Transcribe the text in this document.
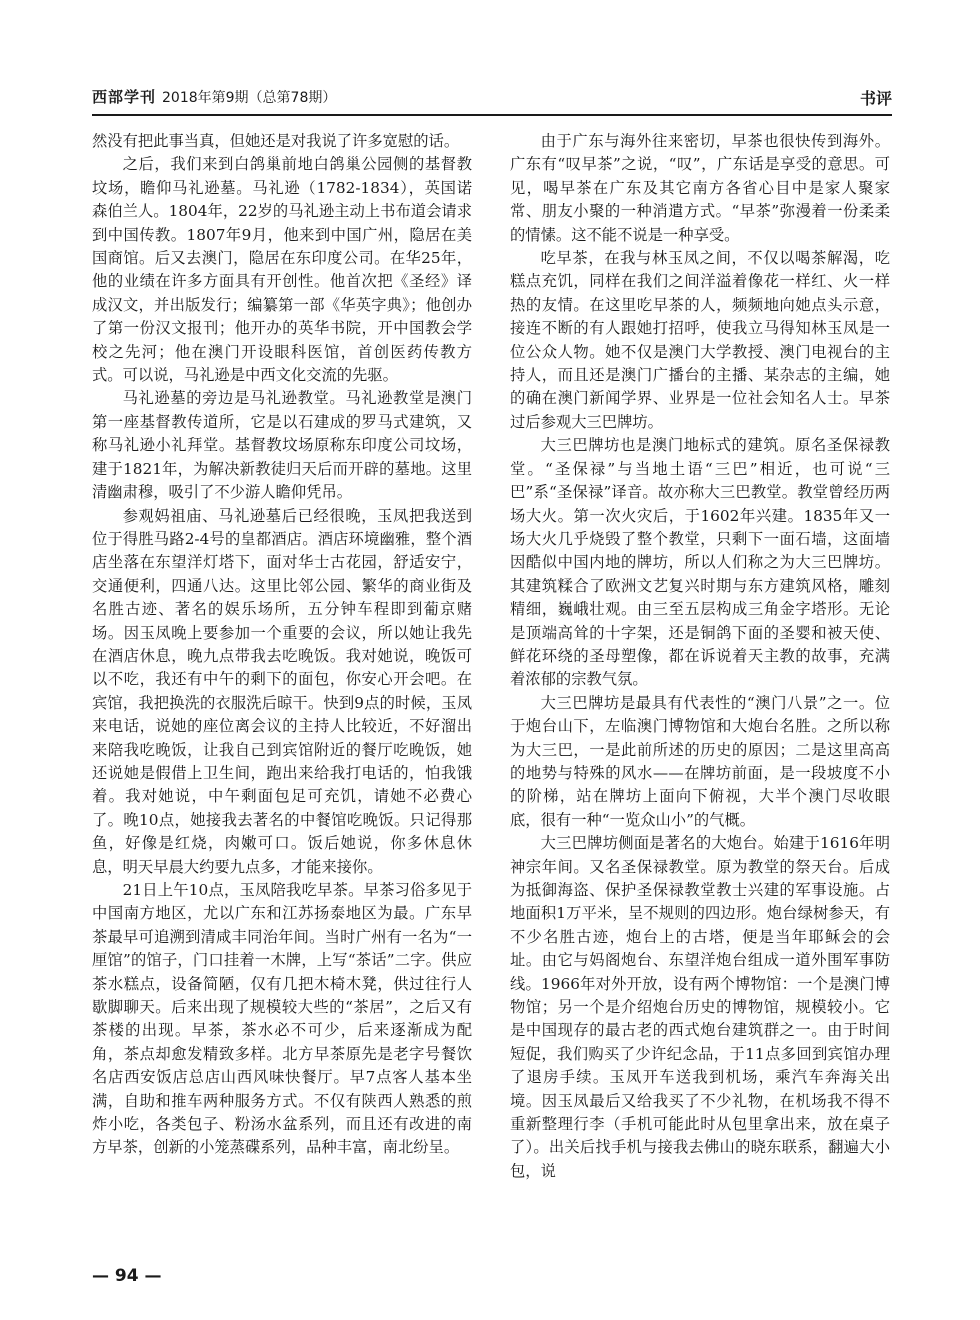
西部学刊 2018年第9期（总第78期）	书评

然没有把此事当真，但她还是对我说了许多宽慰的话。

之后，我们来到白鸽巢前地白鸽巢公园侧的基督教坟场，瞻仰马礼逊墓。马礼逊（1782-1834），英国诺森伯兰人。1804年，22岁的马礼逊主动上书布道会请求到中国传教。1807年9月，他来到中国广州，隐居在美国商馆。后又去澳门，隐居在东印度公司。在华25年，他的业绩在许多方面具有开创性。他首次把《圣经》译成汉文，并出版发行；编纂第一部《华英字典》；他创办了第一份汉文报刊；他开办的英华书院，开中国教会学校之先河；他在澳门开设眼科医馆，首创医药传教方式。可以说，马礼逊是中西文化交流的先驱。

马礼逊墓的旁边是马礼逊教堂。马礼逊教堂是澳门第一座基督教传道所，它是以石建成的罗马式建筑，又称马礼逊小礼拜堂。基督教坟场原称东印度公司坟场，建于1821年，为解决新教徒归天后而开辟的墓地。这里清幽肃穆，吸引了不少游人瞻仰凭吊。

参观妈祖庙、马礼逊墓后已经很晚，玉凤把我送到位于得胜马路2-4号的皇都酒店。酒店环境幽雅，整个酒店坐落在东望洋灯塔下，面对华士古花园，舒适安宁，交通便利，四通八达。这里比邻公园、繁华的商业街及名胜古迹、著名的娱乐场所，五分钟车程即到葡京赌场。因玉凤晚上要参加一个重要的会议，所以她让我先在酒店休息，晚九点带我去吃晚饭。我对她说，晚饭可以不吃，我还有中午的剩下的面包，你安心开会吧。在宾馆，我把换洗的衣服洗后晾干。快到9点的时候，玉凤来电话，说她的座位离会议的主持人比较近，不好溜出来陪我吃晚饭，让我自己到宾馆附近的餐厅吃晚饭，她还说她是假借上卫生间，跑出来给我打电话的，怕我饿着。我对她说，中午剩面包足可充饥，请她不必费心了。晚10点，她接我去著名的中餐馆吃晚饭。只记得那鱼，好像是红烧，肉嫩可口。饭后她说，你多休息休息，明天早晨大约要九点多，才能来接你。

21日上午10点，玉凤陪我吃早茶。早茶习俗多见于中国南方地区，尤以广东和江苏扬泰地区为最。广东早茶最早可追溯到清咸丰同治年间。当时广州有一名为“一厘馆”的馆子，门口挂着一木牌，上写“茶话”二字。供应茶水糕点，设备简陋，仅有几把木椅木凳，供过往行人歇脚聊天。后来出现了规模较大些的“茶居”，之后又有茶楼的出现。早茶，茶水必不可少，后来逐渐成为配角，茶点却愈发精致多样。北方早茶原先是老字号餐饮名店西安饭店总店山西风味快餐厅。早7点客人基本坐满，自助和推车两种服务方式。不仅有陕西人熟悉的煎炸小吃，各类包子、粉汤水盆系列，而且还有改进的南方早茶，创新的小笼蒸碟系列，品种丰富，南北纷呈。

由于广东与海外往来密切，早茶也很快传到海外。广东有“叹早茶”之说，“叹”，广东话是享受的意思。可见，喝早茶在广东及其它南方各省心目中是家人聚家常、朋友小聚的一种消遣方式。“早茶”弥漫着一份柔柔的情愫。这不能不说是一种享受。

吃早茶，在我与林玉凤之间，不仅以喝茶解渴，吃糕点充饥，同样在我们之间洋溢着像花一样红、火一样热的友情。在这里吃早茶的人，频频地向她点头示意，接连不断的有人跟她打招呼，使我立马得知林玉凤是一位公众人物。她不仅是澳门大学教授、澳门电视台的主持人，而且还是澳门广播台的主播、某杂志的主编，她的确在澳门新闻学界、业界是一位社会知名人士。早茶过后参观大三巴牌坊。

大三巴牌坊也是澳门地标式的建筑。原名圣保禄教堂。“圣保禄”与当地土语“三巴”相近，也可说“三巴”系“圣保禄”译音。故亦称大三巴教堂。教堂曾经历两场大火。第一次火灾后，于1602年兴建。1835年又一场大火几乎烧毁了整个教堂，只剩下一面石墙，这面墙因酷似中国内地的牌坊，所以人们称之为大三巴牌坊。其建筑糅合了欧洲文艺复兴时期与东方建筑风格，雕刻精细，巍峨壮观。由三至五层构成三角金字塔形。无论是顶端高耸的十字架，还是铜鸽下面的圣婴和被天使、鲜花环绕的圣母塑像，都在诉说着天主教的故事，充满着浓郁的宗教气氛。

大三巴牌坊是最具有代表性的“澳门八景”之一。位于炮台山下，左临澳门博物馆和大炮台名胜。之所以称为大三巴，一是此前所述的历史的原因；二是这里高高的地势与特殊的风水——在牌坊前面，是一段坡度不小的阶梯，站在牌坊上面向下俯视，大半个澳门尽收眼底，很有一种“一览众山小”的气概。

大三巴牌坊侧面是著名的大炮台。始建于1616年明神宗年间。又名圣保禄教堂。原为教堂的祭天台。后成为抵御海盗、保护圣保禄教堂教士兴建的军事设施。占地面积1万平米，呈不规则的四边形。炮台绿树参天，有不少名胜古迹，炮台上的古塔，便是当年耶稣会的会址。由它与妈阁炮台、东望洋炮台组成一道外围军事防线。1966年对外开放，设有两个博物馆：一个是澳门博物馆；另一个是介绍炮台历史的博物馆，规模较小。它是中国现存的最古老的西式炮台建筑群之一。由于时间短促，我们购买了少许纪念品，于11点多回到宾馆办理了退房手续。玉凤开车送我到机场，乘汽车奔海关出境。因玉凤最后又给我买了不少礼物，在机场我不得不重新整理行李（手机可能此时从包里拿出来，放在桌子了）。出关后找手机与接我去佛山的晓东联系，翻遍大小包，说

— 94 —
